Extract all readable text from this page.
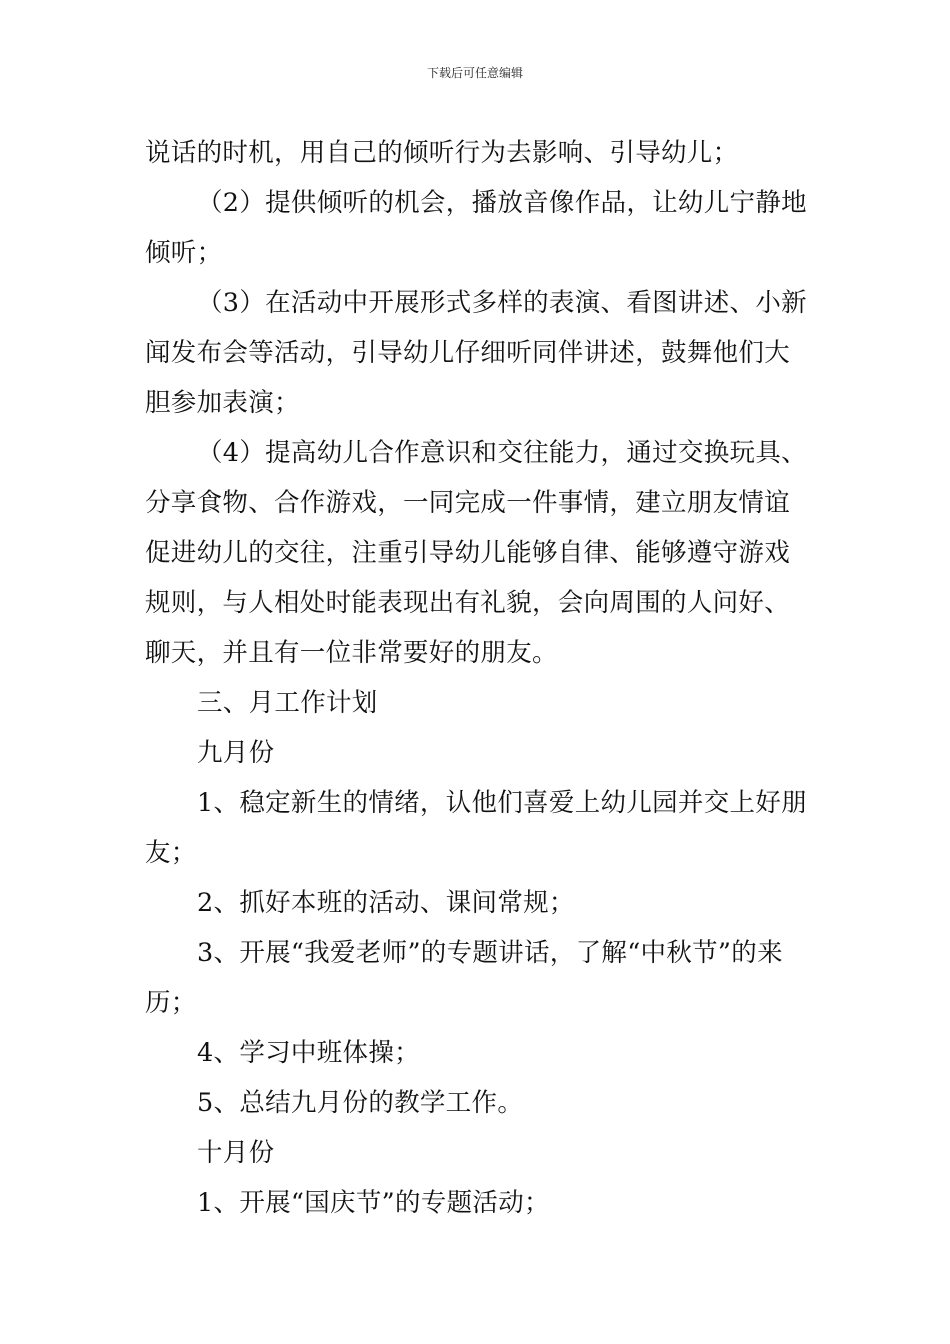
下载后可任意编辑

说话的时机，用自己的倾听行为去影响、引导幼儿；

（2）提供倾听的机会，播放音像作品，让幼儿宁静地倾听；

（3）在活动中开展形式多样的表演、看图讲述、小新闻发布会等活动，引导幼儿仔细听同伴讲述，鼓舞他们大胆参加表演；

（4）提高幼儿合作意识和交往能力，通过交换玩具、分享食物、合作游戏，一同完成一件事情，建立朋友情谊促进幼儿的交往，注重引导幼儿能够自律、能够遵守游戏规则，与人相处时能表现出有礼貌，会向周围的人问好、聊天，并且有一位非常要好的朋友。

三、月工作计划

九月份

1、稳定新生的情绪，认他们喜爱上幼儿园并交上好朋友；

2、抓好本班的活动、课间常规；

3、开展“我爱老师”的专题讲话，了解“中秋节”的来历；

4、学习中班体操；

5、总结九月份的教学工作。

十月份

1、开展“国庆节”的专题活动；
